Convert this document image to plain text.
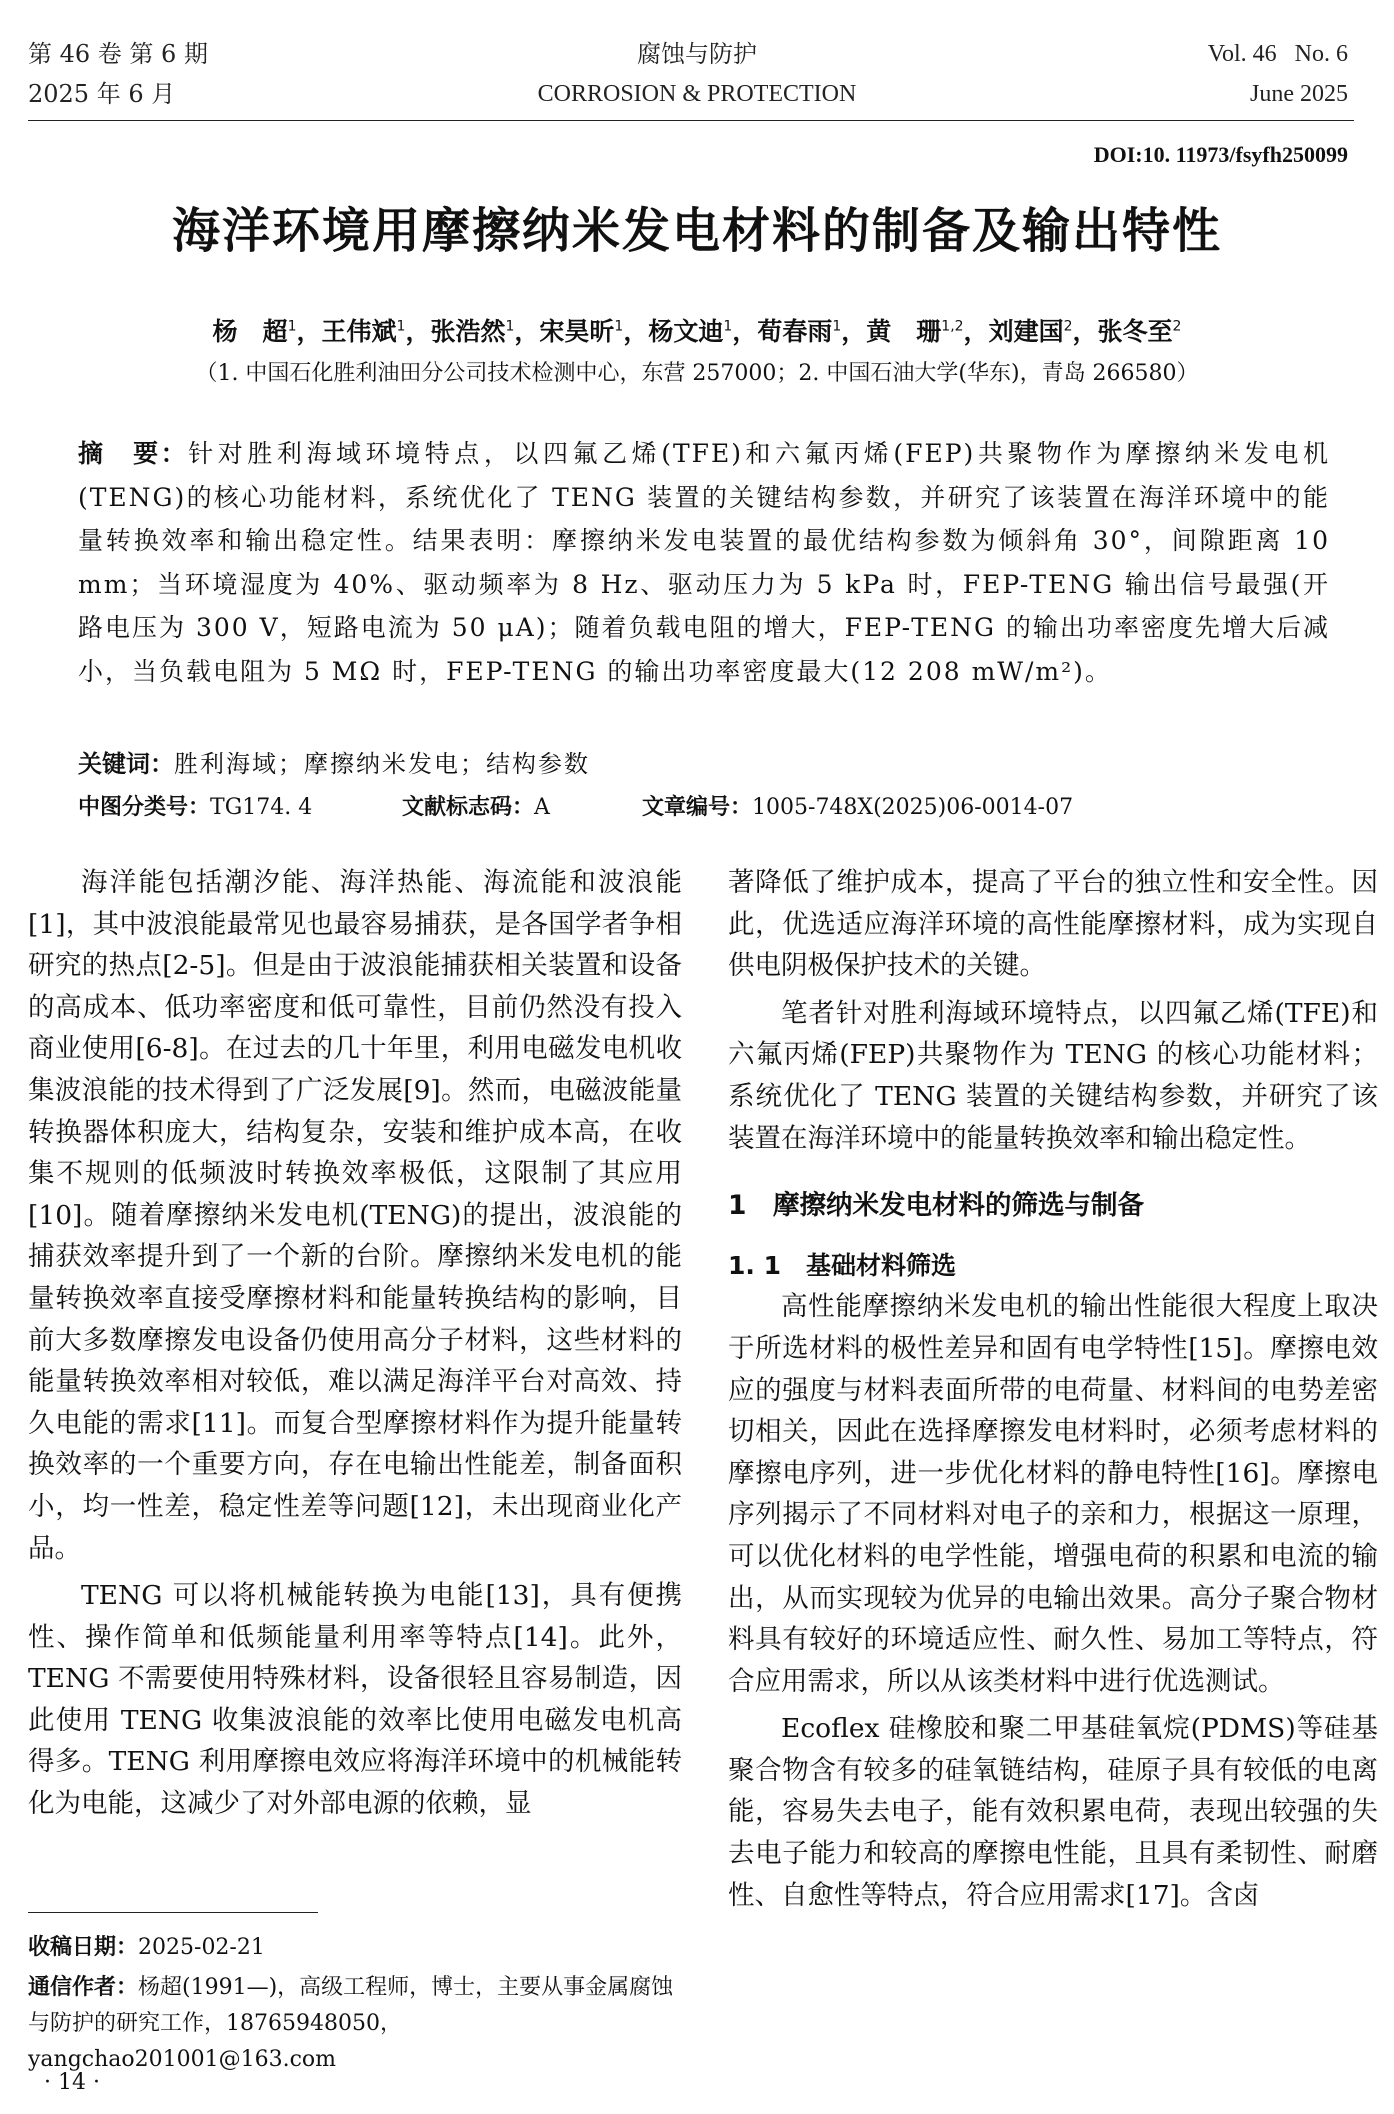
第 46 卷 第 6 期
2025 年 6 月
腐蚀与防护
CORROSION & PROTECTION
Vol. 46   No. 6
June 2025
DOI:10. 11973/fsyfh250099
海洋环境用摩擦纳米发电材料的制备及输出特性
杨　超$^1$，王伟斌$^1$，张浩然$^1$，宋昊昕$^1$，杨文迪$^1$，荀春雨$^1$，黄　珊$^{1,2}$，刘建国$^2$，张冬至$^2$
（1. 中国石化胜利油田分公司技术检测中心，东营 257000；2. 中国石油大学(华东)，青岛 266580）
摘　要：针对胜利海域环境特点，以四氟乙烯(TFE)和六氟丙烯(FEP)共聚物作为摩擦纳米发电机(TENG)的核心功能材料，系统优化了 TENG 装置的关键结构参数，并研究了该装置在海洋环境中的能量转换效率和输出稳定性。结果表明：摩擦纳米发电装置的最优结构参数为倾斜角 30°，间隙距离 10 mm；当环境湿度为 40%、驱动频率为 8 Hz、驱动压力为 5 kPa 时，FEP-TENG 输出信号最强(开路电压为 300 V，短路电流为 50 μA)；随着负载电阻的增大，FEP-TENG 的输出功率密度先增大后减小，当负载电阻为 5 MΩ 时，FEP-TENG 的输出功率密度最大(12 208 mW/m²)。
关键词：胜利海域；摩擦纳米发电；结构参数
中图分类号：TG174. 4	文献标志码：A	文章编号：1005-748X(2025)06-0014-07

海洋能包括潮汐能、海洋热能、海流能和波浪能[1]，其中波浪能最常见也最容易捕获，是各国学者争相研究的热点[2-5]。但是由于波浪能捕获相关装置和设备的高成本、低功率密度和低可靠性，目前仍然没有投入商业使用[6-8]。在过去的几十年里，利用电磁发电机收集波浪能的技术得到了广泛发展[9]。然而，电磁波能量转换器体积庞大，结构复杂，安装和维护成本高，在收集不规则的低频波时转换效率极低，这限制了其应用[10]。随着摩擦纳米发电机(TENG)的提出，波浪能的捕获效率提升到了一个新的台阶。摩擦纳米发电机的能量转换效率直接受摩擦材料和能量转换结构的影响，目前大多数摩擦发电设备仍使用高分子材料，这些材料的能量转换效率相对较低，难以满足海洋平台对高效、持久电能的需求[11]。而复合型摩擦材料作为提升能量转换效率的一个重要方向，存在电输出性能差，制备面积小，均一性差，稳定性差等问题[12]，未出现商业化产品。

TENG 可以将机械能转换为电能[13]，具有便携性、操作简单和低频能量利用率等特点[14]。此外，TENG 不需要使用特殊材料，设备很轻且容易制造，因此使用 TENG 收集波浪能的效率比使用电磁发电机高得多。TENG 利用摩擦电效应将海洋环境中的机械能转化为电能，这减少了对外部电源的依赖，显

著降低了维护成本，提高了平台的独立性和安全性。因此，优选适应海洋环境的高性能摩擦材料，成为实现自供电阴极保护技术的关键。

笔者针对胜利海域环境特点，以四氟乙烯(TFE)和六氟丙烯(FEP)共聚物作为 TENG 的核心功能材料；系统优化了 TENG 装置的关键结构参数，并研究了该装置在海洋环境中的能量转换效率和输出稳定性。

1　摩擦纳米发电材料的筛选与制备
1. 1　基础材料筛选

高性能摩擦纳米发电机的输出性能很大程度上取决于所选材料的极性差异和固有电学特性[15]。摩擦电效应的强度与材料表面所带的电荷量、材料间的电势差密切相关，因此在选择摩擦发电材料时，必须考虑材料的摩擦电序列，进一步优化材料的静电特性[16]。摩擦电序列揭示了不同材料对电子的亲和力，根据这一原理，可以优化材料的电学性能，增强电荷的积累和电流的输出，从而实现较为优异的电输出效果。高分子聚合物材料具有较好的环境适应性、耐久性、易加工等特点，符合应用需求，所以从该类材料中进行优选测试。

Ecoflex 硅橡胶和聚二甲基硅氧烷(PDMS)等硅基聚合物含有较多的硅氧链结构，硅原子具有较低的电离能，容易失去电子，能有效积累电荷，表现出较强的失去电子能力和较高的摩擦电性能，且具有柔韧性、耐磨性、自愈性等特点，符合应用需求[17]。含卤

收稿日期：2025-02-21
通信作者：杨超(1991—)，高级工程师，博士，主要从事金属腐蚀与防护的研究工作，18765948050，yangchao201001@163.com
· 14 ·
